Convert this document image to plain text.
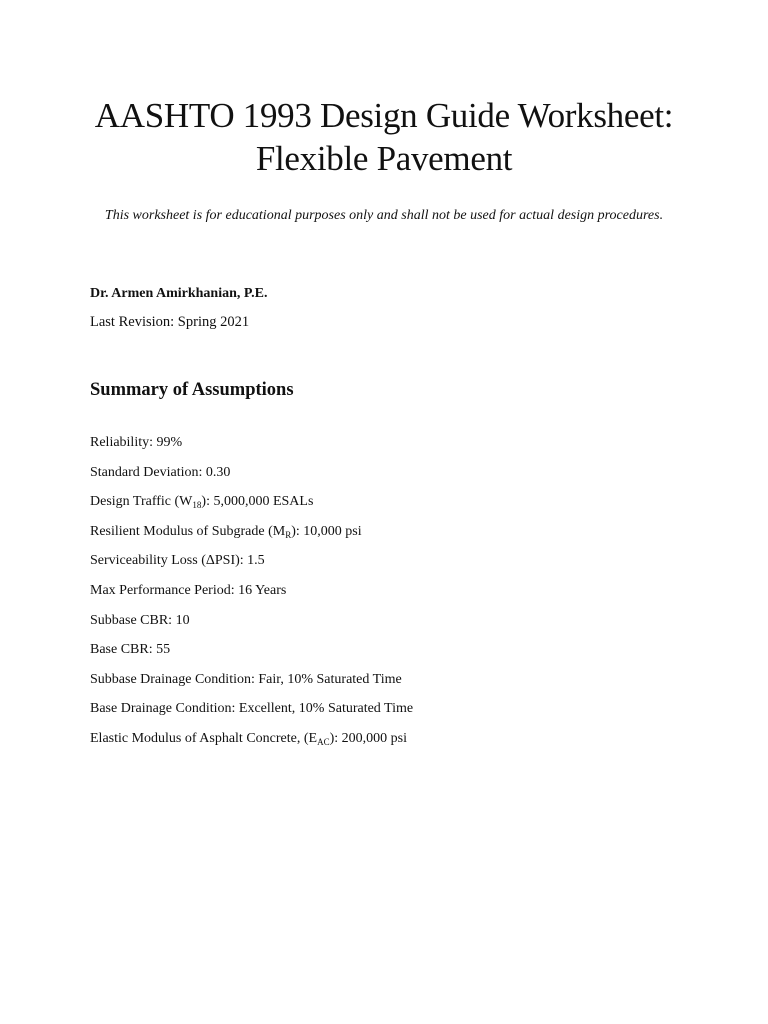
AASHTO 1993 Design Guide Worksheet:
Flexible Pavement

This worksheet is for educational purposes only and shall not be used for actual design procedures.

Dr. Armen Amirkhanian, P.E.

Last Revision: Spring 2021

Summary of Assumptions
Reliability: 99%
Standard Deviation: 0.30
Design Traffic $(W_{18})$: 5,000,000 ESALs
Resilient Modulus of Subgrade $(M_R)$: 10,000 psi
Serviceability Loss (ΔPSI): 1.5
Max Performance Period: 16 Years
Subbase CBR: 10
Base CBR: 55
Subbase Drainage Condition: Fair, 10% Saturated Time
Base Drainage Condition: Excellent, 10% Saturated Time
Elastic Modulus of Asphalt Concrete, $(E_{AC})$: 200,000 psi
